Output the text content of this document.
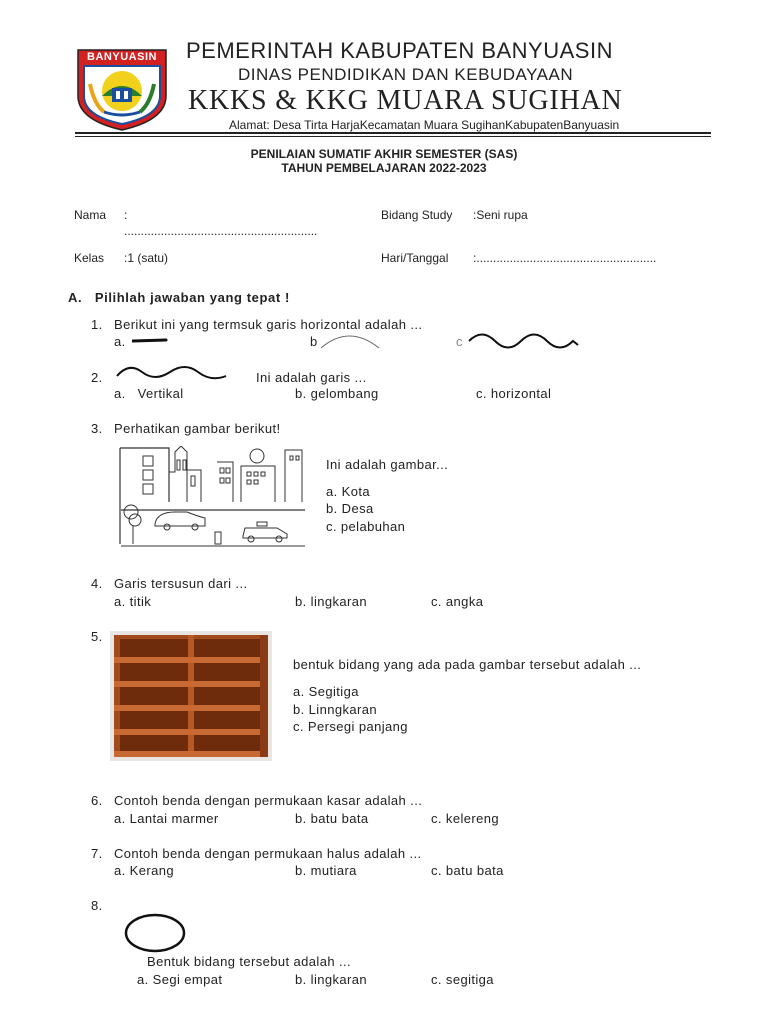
BANYUASIN	PEMERINTAH KABUPATEN BANYUASIN
DINAS PENDIDIKAN DAN KEBUDAYAAN
KKKS & KKG MUARA SUGIHAN
Alamat: Desa Tirta HarjaKecamatan Muara SugihanKabupatenBanyuasin
PENILAIAN SUMATIF AKHIR SEMESTER (SAS)
TAHUN PEMBELAJARAN 2022-2023
Nama :
..........................................................
Bidang Study :Seni rupa
Kelas :1 (satu)	Hari/Tanggal :......................................................
A.   Pilihlah jawaban yang tepat !
1. Berikut ini yang termsuk garis horizontal adalah ...
a.	b	c
2.	Ini adalah garis ...
a.   Vertikal	b. gelombang	c. horizontal
3. Perhatikan gambar berikut!
Ini adalah gambar...
a. Kota
b. Desa
c. pelabuhan
4. Garis tersusun dari ...
a. titik	b. lingkaran	c. angka
5.
bentuk bidang yang ada pada gambar tersebut adalah ...
a. Segitiga
b. Linngkaran
c. Persegi panjang
6. Contoh benda dengan permukaan kasar adalah ...
a. Lantai marmer	b. batu bata	c. kelereng
7. Contoh benda dengan permukaan halus adalah ...
a. Kerang	b. mutiara	c. batu bata
8.
Bentuk bidang tersebut adalah ...
a. Segi empat	b. lingkaran	c. segitiga
